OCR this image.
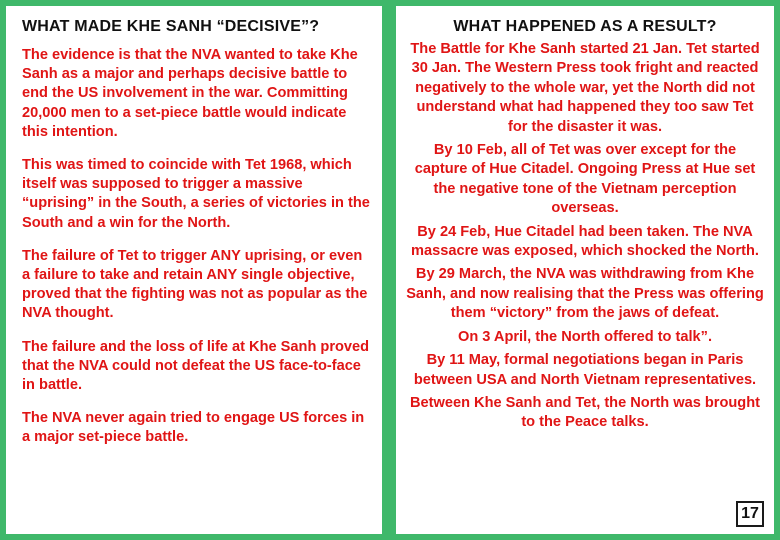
WHAT MADE KHE SANH “DECISIVE”?

The evidence is that the NVA wanted to take Khe Sanh as a major and perhaps decisive battle to end the US involvement in the war. Committing 20,000 men to a set-piece battle would indicate this intention.

This was timed to coincide with Tet 1968, which itself was supposed to trigger a massive “uprising” in the South, a series of victories in the South and a win for the North.

The failure of Tet to trigger ANY uprising, or even a failure to take and retain ANY single objective, proved that the fighting was not as popular as the NVA thought.

The failure and the loss of life at Khe Sanh proved that the NVA could not defeat the US face-to-face in battle.

The NVA never again tried to engage US forces in a major set-piece battle.

WHAT HAPPENED AS A RESULT?

The Battle for Khe Sanh started 21 Jan. Tet started 30 Jan. The Western Press took fright and reacted negatively to the whole war, yet the North did not understand what had happened they too saw Tet for the disaster it was.

By 10 Feb, all of Tet was over except for the capture of Hue Citadel. Ongoing Press at Hue set the negative tone of the Vietnam perception overseas.

By 24 Feb, Hue Citadel had been taken. The NVA massacre was exposed, which shocked the North.

By 29 March, the NVA was withdrawing from Khe Sanh, and now realising that the Press was offering them “victory” from the jaws of defeat.

On 3 April, the North offered to talk”.

By 11 May, formal negotiations began in Paris between USA and North Vietnam representatives.

Between Khe Sanh and Tet, the North was brought to the Peace talks.

17
